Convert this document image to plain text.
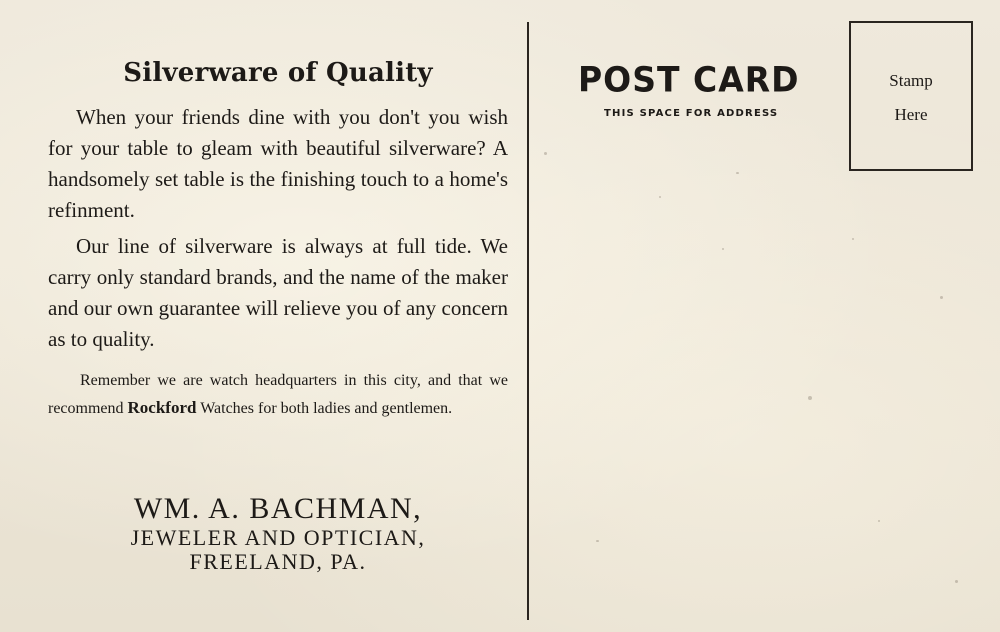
Silverware of Quality

When your friends dine with you don't you wish for your table to gleam with beautiful silverware? A handsomely set table is the finishing touch to a home's refinment.

Our line of silverware is always at full tide. We carry only standard brands, and the name of the maker and our own guarantee will relieve you of any concern as to quality.

Remember we are watch headquarters in this city, and that we recommend Rockford Watches for both ladies and gentlemen.

WM. A. BACHMAN,
JEWELER AND OPTICIAN,
FREELAND, PA.
POST CARD
THIS SPACE FOR ADDRESS
Stamp
Here
